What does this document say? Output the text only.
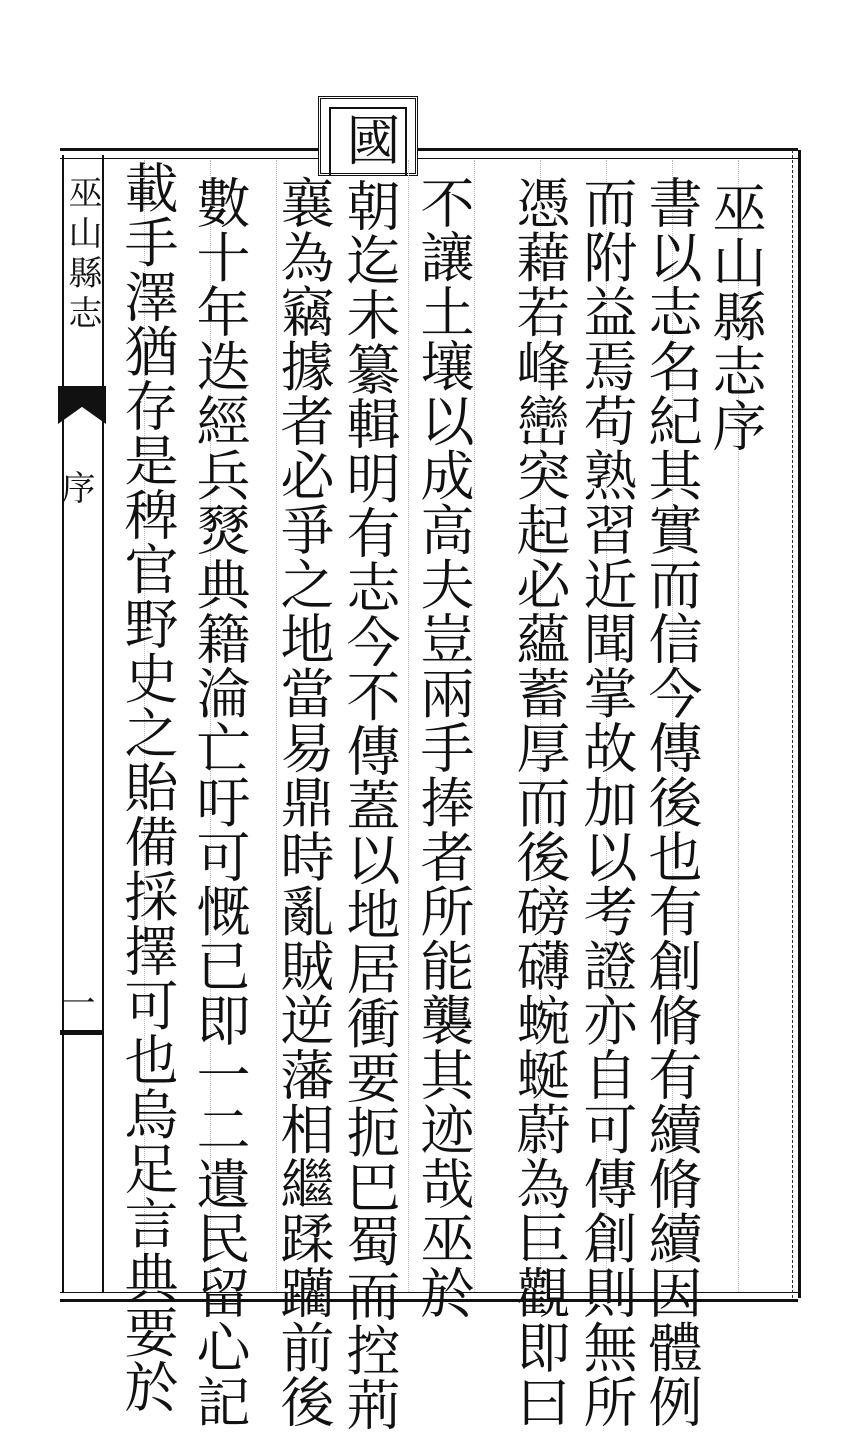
巫山縣志
序
一
巫山縣志序
書以志名紀其實而信今傳後也有創脩有續脩續因體例
而附益焉苟熟習近聞掌故加以考證亦自可傳創則無所
憑藉若峰巒突起必蘊蓄厚而後磅礴蜿蜒蔚為巨觀即曰
不讓土壤以成高夫豈兩手捧者所能襲其迹哉巫於
國
朝迄未纂輯明有志今不傳蓋以地居衝要扼巴蜀而控荊
襄為竊據者必爭之地當易鼎時亂賊逆藩相繼蹂躪前後
數十年迭經兵燹典籍淪亡吁可慨已即一二遺民留心記
載手澤猶存是稗官野史之貽備採擇可也烏足言典要於
